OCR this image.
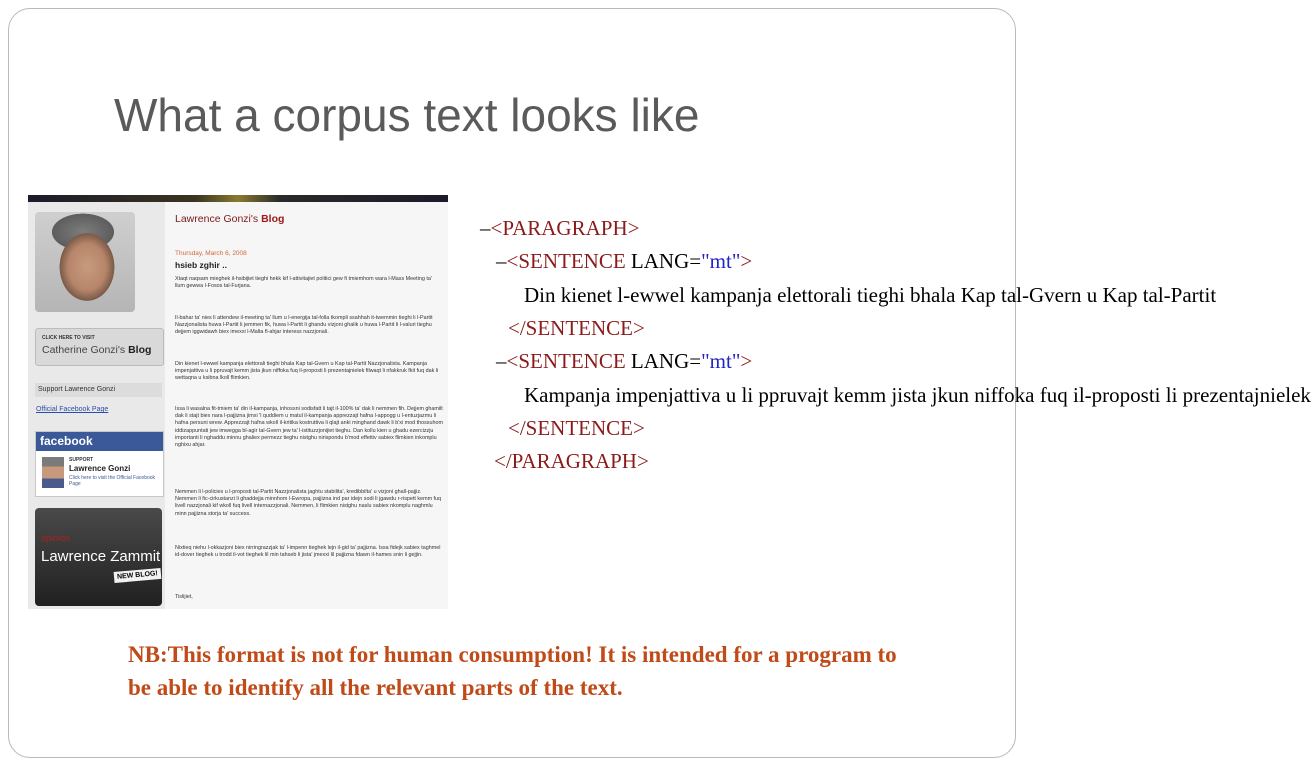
What a corpus text looks like
CLICK HERE TO VISIT
Catherine Gonzi's Blog
Support Lawrence Gonzi
Official Facebook Page
facebook
SUPPORT
Lawrence Gonzi
Click here to visit the Official Facebook Page
opinion
Lawrence Zammit
NEW BLOG!
Lawrence Gonzi's Blog
Thursday, March 6, 2008
hsieb zghir ..
Xtaqt naqsam mieghek il-hsibijiet tieghi hekk kif l-attivitajiet politici gew fi tmiemhom wara l-Mass Meeting ta' llum gewwa l-Fosos tal-Furjana.
Il-bahar ta' nies li attendew il-meeting ta' llum u l-energija tal-folla tkompli ssahhah it-twemmin tieghi li l-Partit Nazzjonalista huwa l-Partit li jemmen fik, huwa l-Partit li ghandu vizjoni ghalik u huwa l-Partit li l-valuri tieghu dejjem iggwidawh biex imexxi l-Malta fl-ahjar interess nazzjonali.
Din kienet l-ewwel kampanja elettorali tieghi bhala Kap tal-Gvern u Kap tal-Partit Nazzjonalista. Kampanja impenjattiva u li ppruvajt kemm jista jkun niffoka fuq il-proposti li prezentajnielek filwaqt li nfakkruk fkit fuq dak li wettaqna u ksibna lkoll flimkien.
Issa li wasalna fit-tmiem ta' din il-kampanja, inhossni sodisfatt li tajt il-100% ta' dak li nemmen fih. Dejjem ghamilt dak li stajt biex nara l-pajjizna jimxi 'l quddiem u matul il-kampanja apprezzajt hafna l-appogg u l-entuzjazmu li hafna persuni wrew. Apprezzajt hafna wkoll il-kritika kostruttiva li qlajt anki minghand dawk li b'xi mod thossuhom iddizappuntati jew imwegga bl-agir tal-Gvern jew ta' l-istituzzjonijiet tieghu. Dan kollu kien u ghadu ezercizzju importanti li nghaddu minnu ghaliex permezz tieghu nistghu nirispondu b'mod effettiv sabiex flimkien inkomplu nghixu ahjar.
Nemmen li l-policies u l-proposti tal-Partit Nazzjonalista jaghtu stabilita', kredibbilta' u vizjoni ghall-pajjiz. Nemmen li fic-cirkustanzi li ghaddejja minnhom l-Ewropa, pajjizna ind par idejn sodi li jgawdu r-rispett kemm fuq livell nazzjonali kif wkoll fuq livell internazzjonali. Nemmen, li flimkien nistghu naslu sabiex nkomplu naghmlu minn pajjizna storja ta' success.
Nixtieq niehu l-okkazjoni biex nirringrazzjak ta' l-impenn tieghek lejn il-gid ta' pajjizna. Issa fidejk sabiex taghmel id-dover tieghek u trodd il-vot tieghek lil min tahseb li jista' jmexxi lil pajjizna fdawn il-hames snin li gejjin.
Tislijiet,
–<PARAGRAPH>
–<SENTENCE LANG="mt">
Din kienet l-ewwel kampanja elettorali tieghi bhala Kap tal-Gvern u Kap tal-Partit
</SENTENCE>
–<SENTENCE LANG="mt">
Kampanja impenjattiva u li ppruvajt kemm jista jkun niffoka fuq il-proposti li prezentajnielek
</SENTENCE>
</PARAGRAPH>
NB:This format is not for human consumption! It is intended for a program to be able to identify all the relevant parts of the text.
